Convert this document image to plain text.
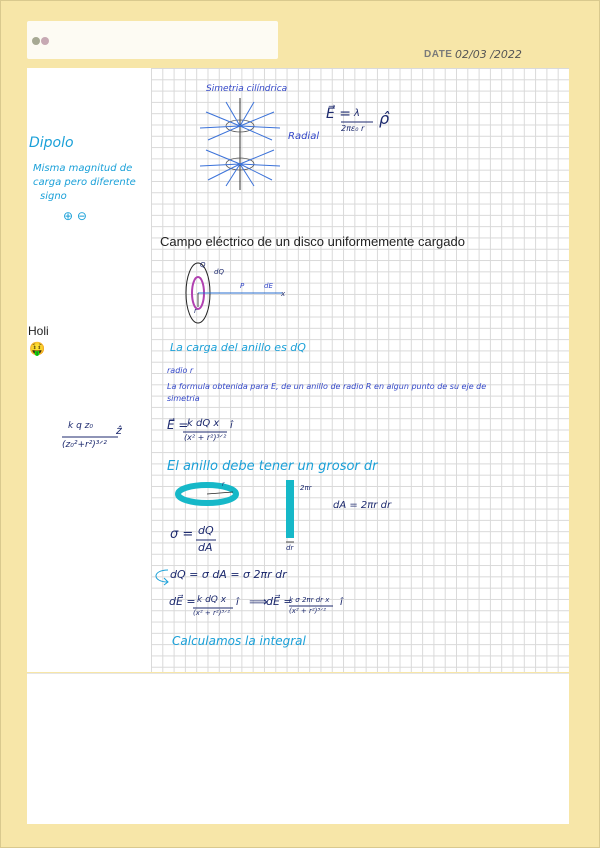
DATE 02/03 /2022
Dipolo
Misma magnitud de
carga pero diferente
signo
⊕ ⊖
Holi
🤑
k q z₀
(z₀²+r²)³ᐟ²
ẑ
Simetria cilíndrica
Radial
E⃗ = λ
2πε₀ r
ρ̂
Campo eléctrico de un disco uniformemente cargado
Q
dQ
r
P	dE
x
La carga del anillo es dQ
radio r
La formula obtenida para E, de un anillo de radio R en algun punto de su eje de
simetria
E⃗ =
k dQ x
(x² + r²)³ᐟ²
î
El anillo debe tener un grosor dr
r	2πr
dr
dA = 2πr dr
σ = dQ
dA
dQ = σ dA = σ 2πr dr
dE⃗ = k dQ x
(x² + r²)³ᐟ²
î ⟹
dE⃗ =
k σ 2πr dr x
(x² + r²)³ᐟ²
î
Calculamos la integral
